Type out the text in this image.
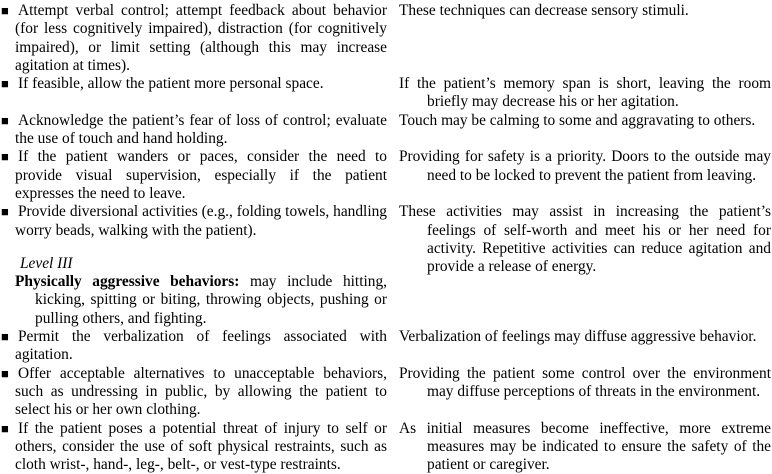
■ Attempt verbal control; attempt feedback about behavior (for less cognitively impaired), distraction (for cognitively impaired), or limit setting (although this may increase agitation at times).

These techniques can decrease sensory stimuli.

■ If feasible, allow the patient more personal space.	If the patient’s memory span is short, leaving the room briefly may decrease his or her agitation.

■ Acknowledge the patient’s fear of loss of control; evaluate the use of touch and hand holding.

Touch may be calming to some and aggravating to others.

■ If the patient wanders or paces, consider the need to provide visual supervision, especially if the patient expresses the need to leave.

Providing for safety is a priority. Doors to the outside may need to be locked to prevent the patient from leaving.

■ Provide diversional activities (e.g., folding towels, handling worry beads, walking with the patient).

Level III

Physically aggressive behaviors: may include hitting, kicking, spitting or biting, throwing objects, pushing or pulling others, and fighting.

These activities may assist in increasing the patient’s feelings of self-worth and meet his or her need for activity. Repetitive activities can reduce agitation and provide a release of energy.

■ Permit the verbalization of feelings associated with agitation.

Verbalization of feelings may diffuse aggressive behavior.

■ Offer acceptable alternatives to unacceptable behaviors, such as undressing in public, by allowing the patient to select his or her own clothing.

Providing the patient some control over the environment may diffuse perceptions of threats in the environment.

■ If the patient poses a potential threat of injury to self or others, consider the use of soft physical restraints, such as cloth wrist-, hand-, leg-, belt-, or vest-type restraints.

As initial measures become ineffective, more extreme measures may be indicated to ensure the safety of the patient or caregiver.
